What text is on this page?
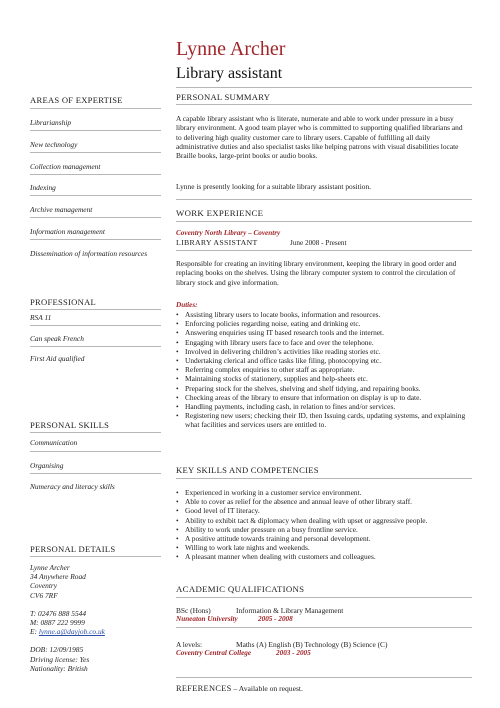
Lynne Archer
Library assistant
AREAS OF EXPERTISE
Librarianship
New technology
Collection management
Indexing
Archive management
Information management
Dissemination of information resources
PROFESSIONAL
RSA 11
Can speak French
First Aid qualified
PERSONAL SKILLS
Communication
Organising
Numeracy and literacy skills
PERSONAL DETAILS
Lynne Archer
34 Anywhere Road
Coventry
CV6 7RF
T: 02476 888 5544
M: 0887 222 9999
E: lynne.a@dayjob.co.uk
DOB: 12/09/1985
Driving license: Yes
Nationality: British
PERSONAL SUMMARY
A capable library assistant who is literate, numerate and able to work under pressure in a busy library environment. A good team player who is committed to supporting qualified librarians and to delivering high quality customer care to library users. Capable of fulfilling all daily administrative duties and also specialist tasks like helping patrons with visual disabilities locate Braille books, large-print books or audio books.
Lynne is presently looking for a suitable library assistant position.
WORK EXPERIENCE
Coventry North Library – Coventry
LIBRARY ASSISTANT	June 2008 - Present
Responsible for creating an inviting library environment, keeping the library in good order and replacing books on the shelves. Using the library computer system to control the circulation of library stock and give information.
Duties:
• Assisting library users to locate books, information and resources.
• Enforcing policies regarding noise, eating and drinking etc.
• Answering enquiries using IT based research tools and the internet.
• Engaging with library users face to face and over the telephone.
• Involved in delivering children’s activities like reading stories etc.
• Undertaking clerical and office tasks like filing, photocopying etc.
• Referring complex enquiries to other staff as appropriate.
• Maintaining stocks of stationery, supplies and help-sheets etc.
• Preparing stock for the shelves, shelving and shelf tidying, and repairing books.
• Checking areas of the library to ensure that information on display is up to date.
• Handling payments, including cash, in relation to fines and/or services.
• Registering new users; checking their ID, then Issuing cards, updating systems, and explaining what facilities and services users are entitled to.
KEY SKILLS AND COMPETENCIES
• Experienced in working in a customer service environment.
• Able to cover as relief for the absence and annual leave of other library staff.
• Good level of IT literacy.
• Ability to exhibit tact & diplomacy when dealing with upset or aggressive people.
• Ability to work under pressure on a busy frontline service.
• A positive attitude towards training and personal development.
• Willing to work late nights and weekends.
• A pleasant manner when dealing with customers and colleagues.
ACADEMIC QUALIFICATIONS
BSc (Hons)	Information & Library Management
Nuneaton University	2005 - 2008
A levels:	Maths (A) English (B) Technology (B) Science (C)
Coventry Central College	2003 - 2005
REFERENCES – Available on request.
